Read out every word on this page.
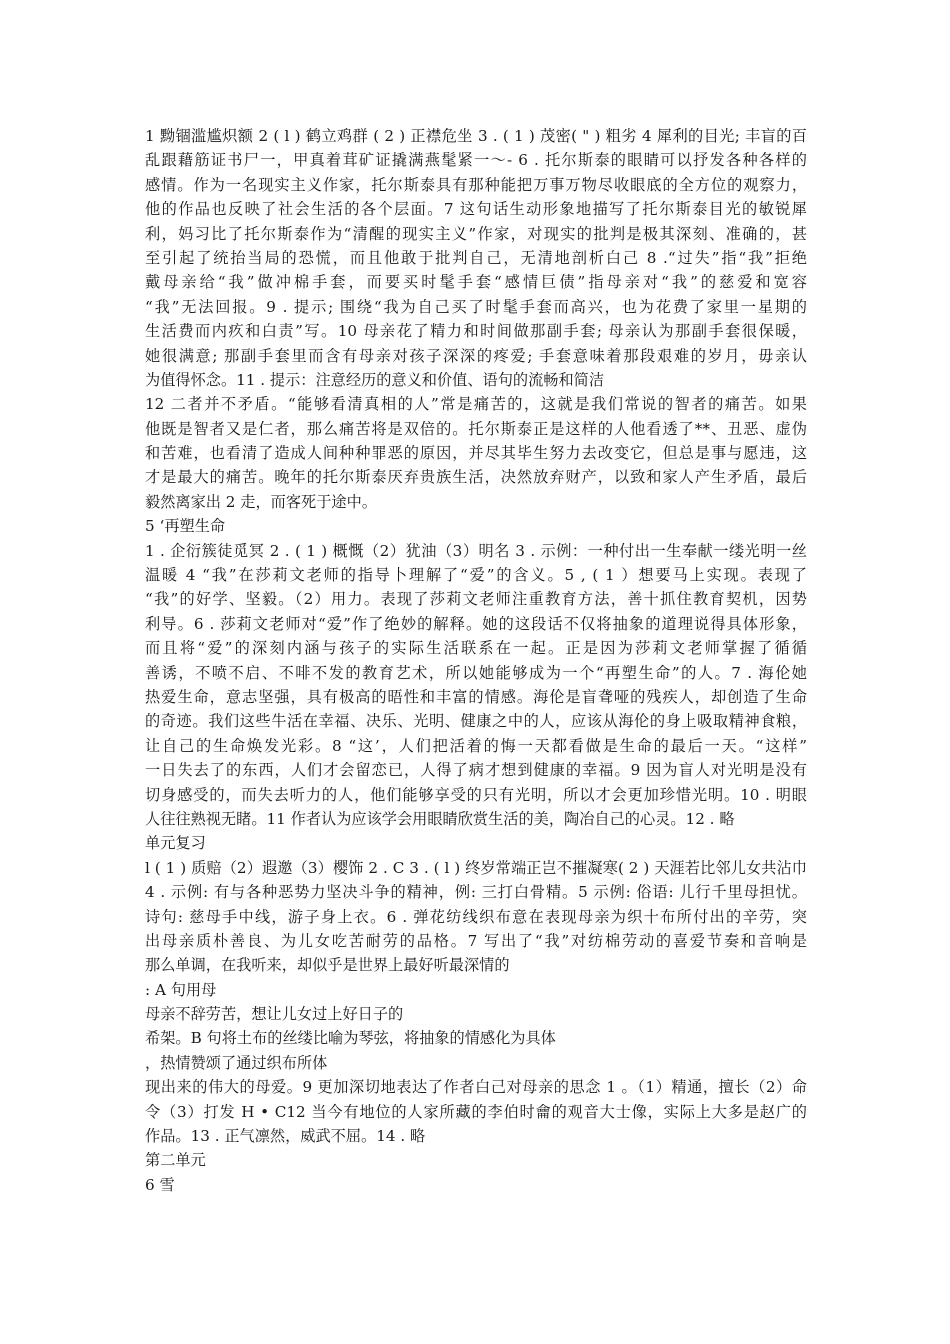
1 黝锢滥尴炽额 2 ( l ) 鹤立鸡群 ( 2 ) 正襟危坐 3 . ( 1 ) 茂密( " ) 粗劣 4 犀利的目光; 丰盲的百
乱跟藉筋证书尸一，甲真着茸矿证撬满燕髦紧一～- 6 . 托尔斯泰的眼睛可以抒发各种各样的
感情。作为一名现实主义作家，托尔斯泰具有那种能把万事万物尽收眼底的全方位的观察力，
他的作品也反映了社会生活的各个层面。7 这句话生动形象地描写了托尔斯泰目光的敏锐犀
利，妈习比了托尔斯泰作为“清醒的现实主义”作家，对现实的批判是极其深刻、准确的，甚
至引起了统抬当局的恐慌，而且他敢于批判自己，无清地剖析白己 8 .“过失”指“我”拒绝
戴母亲给“我”做冲棉手套，而要买时髦手套“感情巨债”指母亲对“我”的慈爱和宽容
“我”无法回报。9 . 提示; 围绕“我为自己买了时髦手套而高兴，也为花费了家里一星期的
生活费而内疚和白责”写。10 母亲花了精力和时间做那副手套; 母亲认为那副手套很保暖，
她很满意; 那副手套里而含有母亲对孩子深深的疼爱; 手套意味着那段艰难的岁月，毋亲认
为值得怀念。11 . 提示：注意经历的意义和价值、语句的流畅和简洁
12 二者并不矛盾。“能够看清真相的人”常是痛苦的，这就是我们常说的智者的痛苦。如果
他既是智者又是仁者，那么痛苦将是双倍的。托尔斯泰正是这样的人他看透了**、丑恶、虚伪
和苦难，也看清了造成人间种种罪恶的原因，并尽其毕生努力去改变它，但总是事与愿违，这
才是最大的痛苦。晚年的托尔斯泰厌弃贵族生活，决然放弃财产，以致和家人产生矛盾，最后
毅然离家出 2 走，而客死于途中。
5 ‘再塑生命
1 . 企衍簇徒觅冥 2 . ( 1 ) 概慨（2）犹油（3）明名 3 . 示例：一种付出一生奉献一缕光明一丝
温暖 4 “我”在莎莉文老师的指导卜理解了“爱”的含义。5 , ( 1 ）想要马上实现。表现了
“我”的好学、坚毅。（2）用力。表现了莎莉文老师注重教育方法，善十抓住教育契机，因势
利导。6 . 莎莉文老师对“爱”作了绝妙的解释。她的这段话不仅将抽象的道理说得具体形象，
而且将“爱”的深刻内涵与孩子的实际生活联系在一起。正是因为莎莉文老师掌握了循循
善诱，不喷不启、不啡不发的教育艺术，所以她能够成为一个“再塑生命”的人。7 . 海伦她
热爱生命，意志坚强，具有极高的晤性和丰富的情感。海伦是盲聋哑的残疾人，却创造了生命
的奇迹。我们这些牛活在幸福、决乐、光明、健康之中的人，应该从海伦的身上吸取精神食粮，
让自己的生命焕发光彩。8 “这’，人们把活着的悔一天都看做是生命的最后一天。“这样”
一日失去了的东西，人们才会留恋已，人得了病才想到健康的幸福。9 因为盲人对光明是没有
切身感受的，而失去听力的人，他们能够享受的只有光明，所以才会更加珍惜光明。10 . 明眼
人往往熟视无睹。11 作者认为应该学会用眼睛欣赏生活的美，陶冶自己的心灵。12 . 略
单元复习
l ( 1 ) 质赔（2）遐邀（3）樱饰 2 . C 3 . ( l ) 终岁常端正岂不摧凝寒( 2 ) 天涯若比邻儿女共沾巾
4 . 示例: 有与各种恶势力坚决斗争的精神，例: 三打白骨精。5 示例: 俗语: 儿行千里母担忧。
诗句: 慈母手中线，游子身上衣。6 . 弹花纺线织布意在表现母亲为织十布所付出的辛劳，突
出母亲质朴善良、为儿女吃苦耐劳的品格。7 写出了“我”对纺棉劳动的喜爱节奏和音响是
那么单调，在我听来，却似乎是世界上最好听最深情的
: A 句用母
母亲不辞劳苦，想让儿女过上好日子的
希架。B 句将土布的丝缕比喻为琴弦，将抽象的情感化为具体
，热情赞颂了通过织布所体
现出来的伟大的母爱。9 更加深切地表达了作者白己对母亲的思念 1 。（1）精通，擅长（2）命
令（3）打发 H • C12 当今有地位的人家所藏的李伯时龠的观音大士像，实际上大多是赵广的
作品。13 . 正气凛然，威武不屈。14 . 略
第二单元
6 雪
